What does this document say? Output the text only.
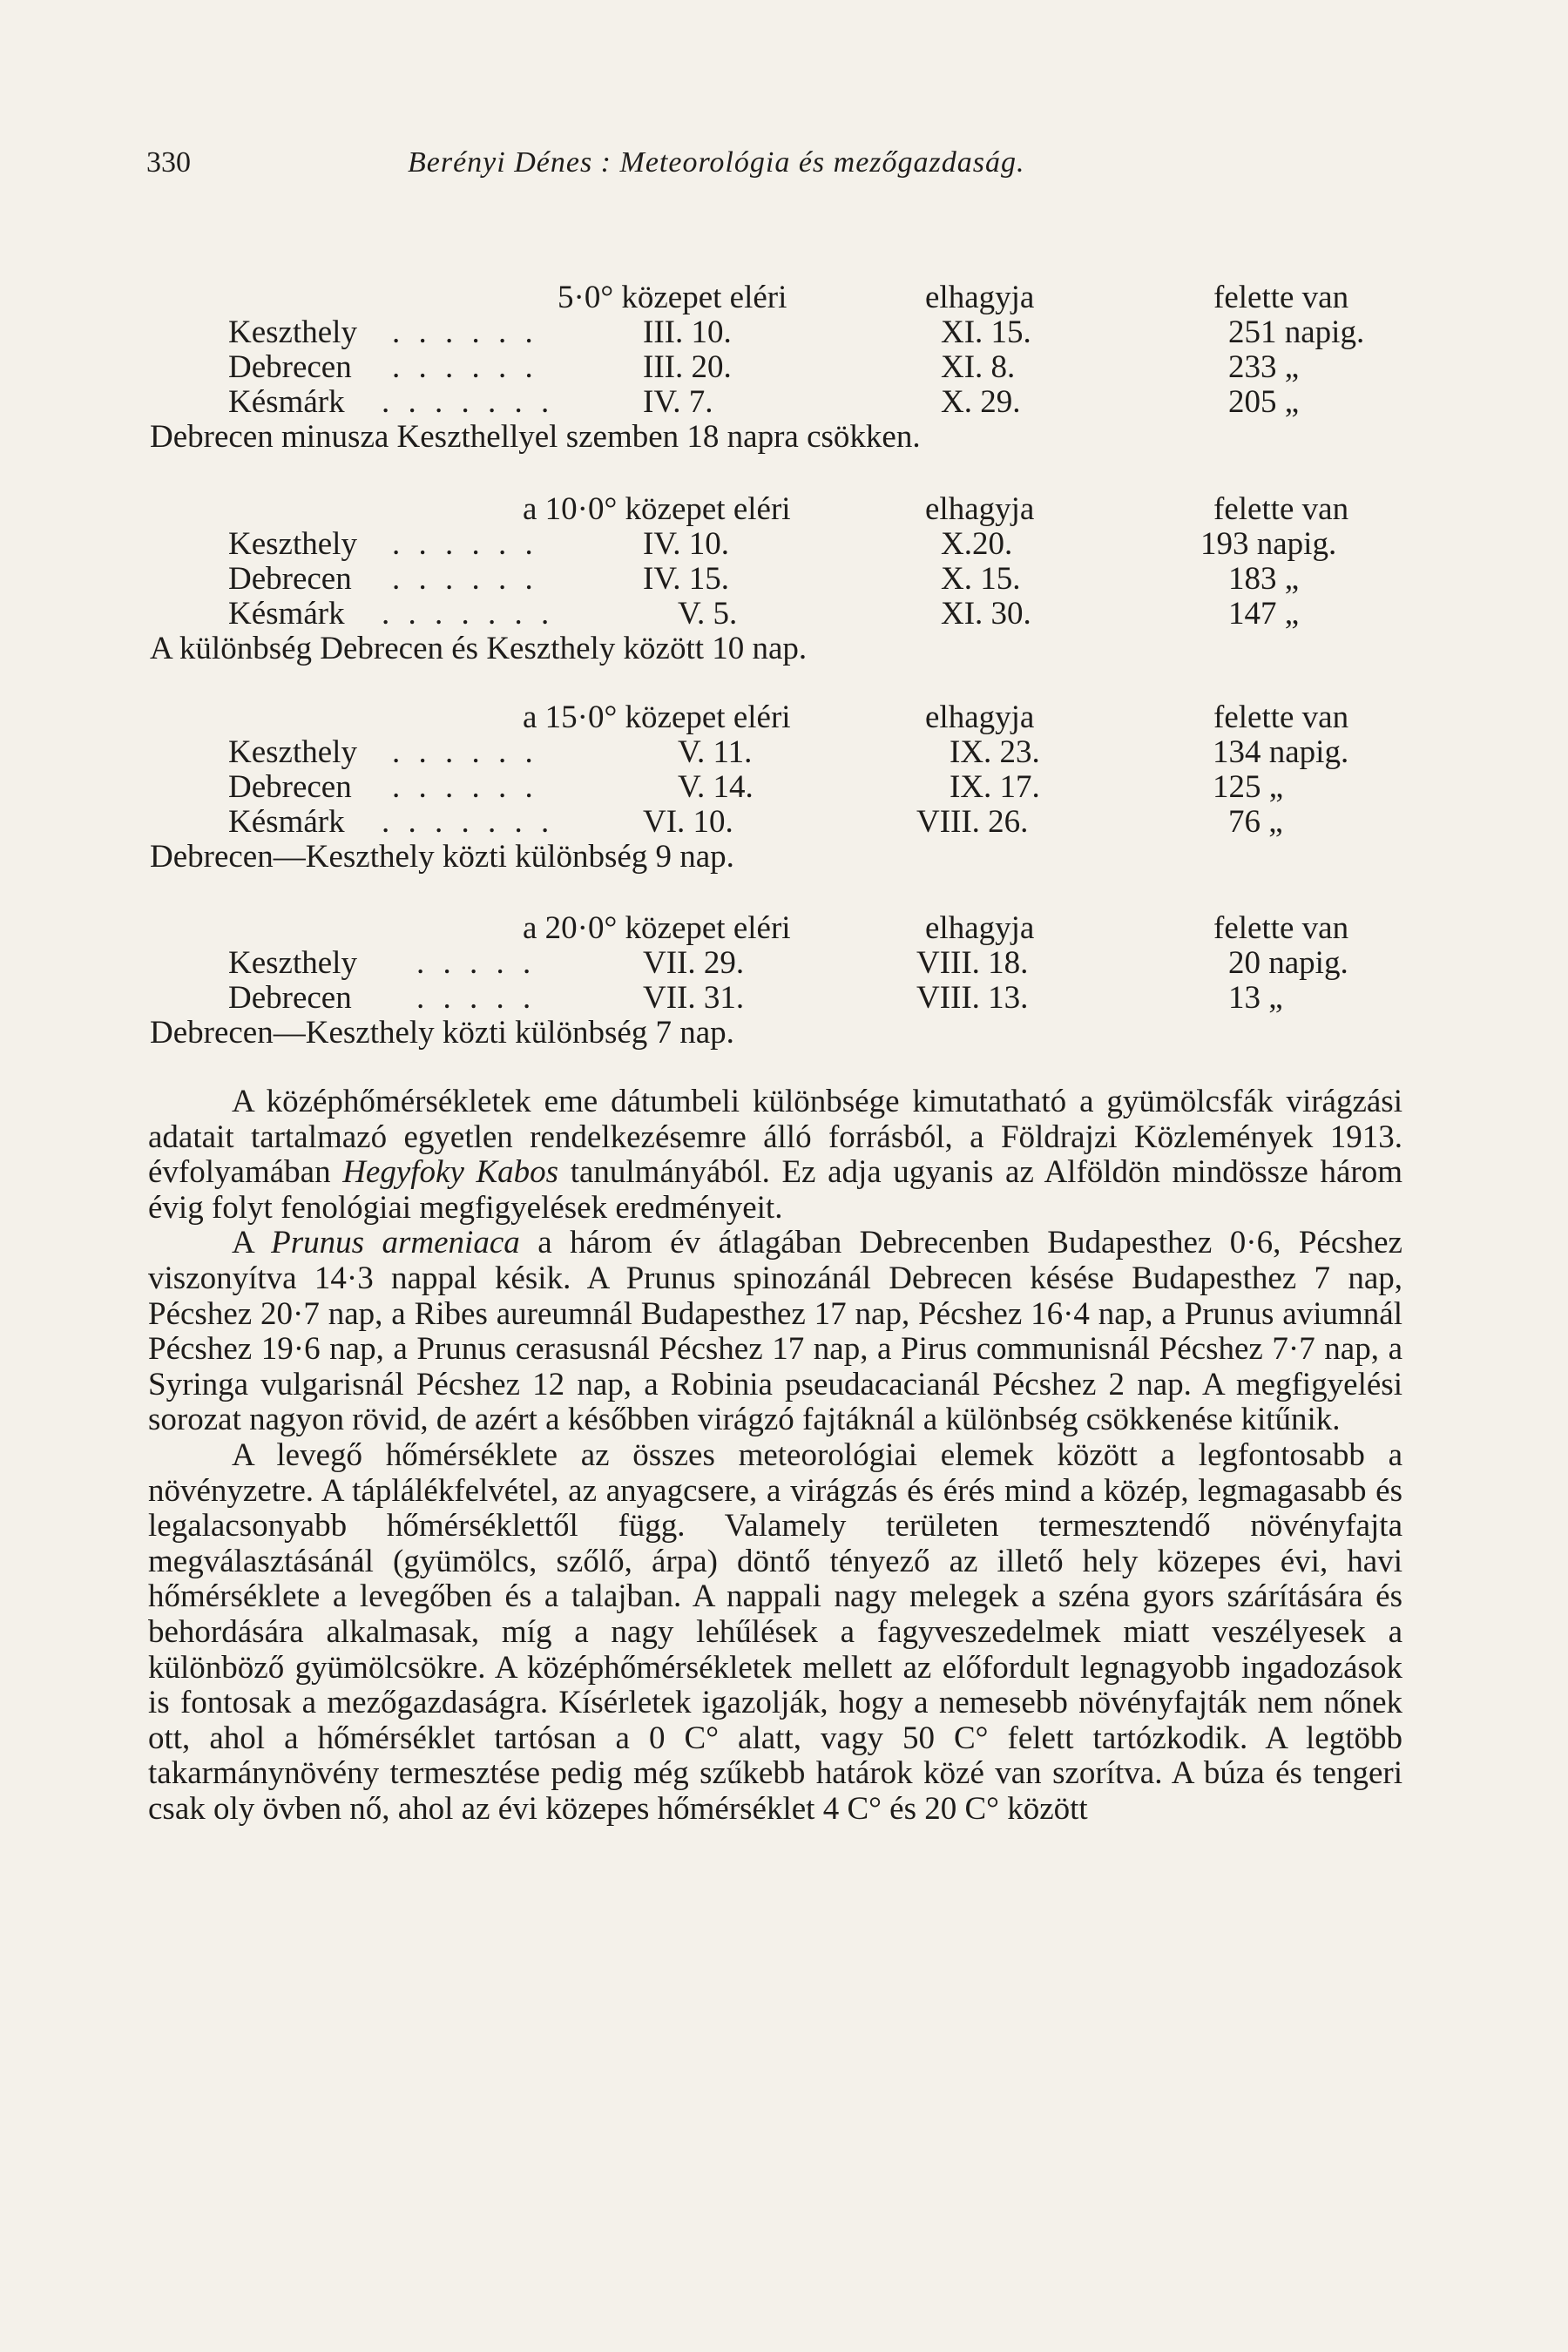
330	Berényi Dénes : Meteorológia és mezőgazdaság.
5·0° közepet eléri	elhagyja	felette van
Keszthely . . . . . .	III. 10.	XI. 15.	251 napig.
Debrecen . . . . . .	III. 20.	XI. 8.	233 „
Késmárk . . . . . . .	IV. 7.	X. 29.	205 „
Debrecen minusza Keszthellyel szemben 18 napra csökken.
a 10·0° közepet eléri	elhagyja	felette van
Keszthely . . . . . .	IV. 10.	X.20.	193 napig.
Debrecen . . . . . .	IV. 15.	X. 15.	183 „
Késmárk . . . . . . .	V. 5.	XI. 30.	147 „
A különbség Debrecen és Keszthely között 10 nap.
a 15·0° közepet eléri	elhagyja	felette van
Keszthely . . . . . .	V. 11.	IX. 23.	134 napig.
Debrecen . . . . . .	V. 14.	IX. 17.	125 „
Késmárk . . . . . . .	VI. 10.	VIII. 26.	76 „
Debrecen—Keszthely közti különbség 9 nap.
a 20·0° közepet eléri	elhagyja	felette van
Keszthely . . . . .	VII. 29.	VIII. 18.	20 napig.
Debrecen . . . . .	VII. 31.	VIII. 13.	13 „
Debrecen—Keszthely közti különbség 7 nap.

A középhőmérsékletek eme dátumbeli különbsége kimutatható a gyümölcsfák virágzási adatait tartalmazó egyetlen rendelkezésemre álló forrásból, a Földrajzi Közlemények 1913. évfolyamában Hegyfoky Kabos tanulmányából. Ez adja ugyanis az Alföldön mindössze három évig folyt fenológiai megfigyelések eredményeit.

A Prunus armeniaca a három év átlagában Debrecenben Budapesthez 0·6, Pécshez viszonyítva 14·3 nappal késik. A Prunus spinozánál Debrecen késése Budapesthez 7 nap, Pécshez 20·7 nap, a Ribes aureumnál Budapesthez 17 nap, Pécshez 16·4 nap, a Prunus aviumnál Pécshez 19·6 nap, a Prunus cerasusnál Pécshez 17 nap, a Pirus communisnál Pécshez 7·7 nap, a Syringa vulgarisnál Pécshez 12 nap, a Robinia pseudacacianál Pécshez 2 nap. A megfigyelési sorozat nagyon rövid, de azért a későbben virágzó fajtáknál a különbség csökkenése kitűnik.

A levegő hőmérséklete az összes meteorológiai elemek között a legfontosabb a növényzetre. A táplálékfelvétel, az anyagcsere, a virágzás és érés mind a közép, legmagasabb és legalacsonyabb hőmérséklettől függ. Valamely területen termesztendő növényfajta megválasztásánál (gyümölcs, szőlő, árpa) döntő tényező az illető hely közepes évi, havi hőmérséklete a levegőben és a talajban. A nappali nagy melegek a széna gyors szárítására és behordására alkalmasak, míg a nagy lehűlések a fagyveszedelmek miatt veszélyesek a különböző gyümölcsökre. A középhőmérsékletek mellett az előfordult legnagyobb ingadozások is fontosak a mezőgazdaságra. Kísérletek igazolják, hogy a nemesebb növényfajták nem nőnek ott, ahol a hőmérséklet tartósan a 0 C° alatt, vagy 50 C° felett tartózkodik. A legtöbb takarmánynövény termesztése pedig még szűkebb határok közé van szorítva. A búza és tengeri csak oly övben nő, ahol az évi közepes hőmérséklet 4 C° és 20 C° között
